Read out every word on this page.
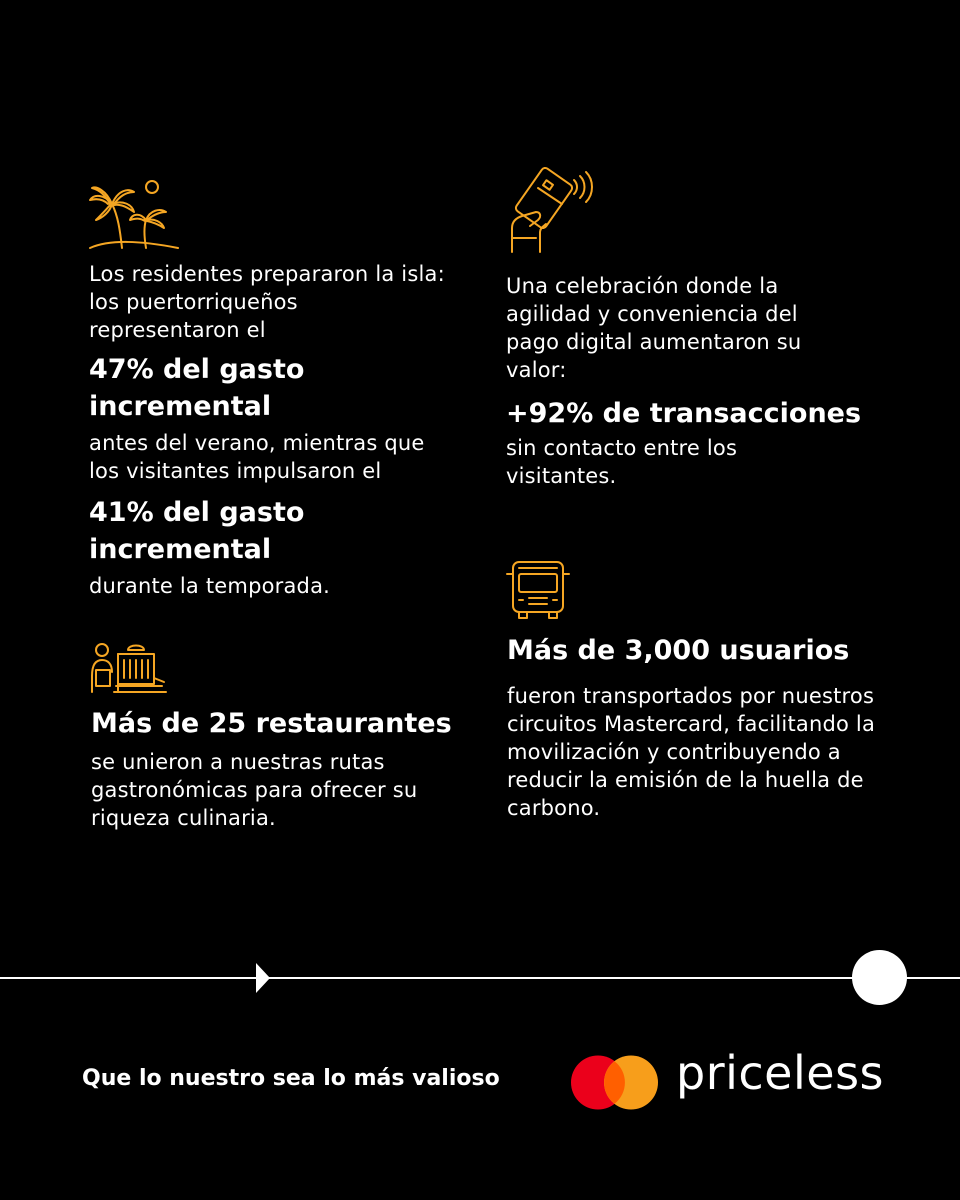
Los residentes prepararon la isla: los puertorriqueños representaron el

47% del gasto incremental

antes del verano, mientras que los visitantes impulsaron el

41% del gasto incremental

durante la temporada.

Más de 25 restaurantes

se unieron a nuestras rutas gastronómicas para ofrecer su riqueza culinaria.

Una celebración donde la agilidad y conveniencia del pago digital aumentaron su valor:

+92% de transacciones

sin contacto entre los visitantes.

Más de 3,000 usuarios

fueron transportados por nuestros circuitos Mastercard, facilitando la movilización y contribuyendo a reducir la emisión de la huella de carbono.

Que lo nuestro sea lo más valioso	priceless
